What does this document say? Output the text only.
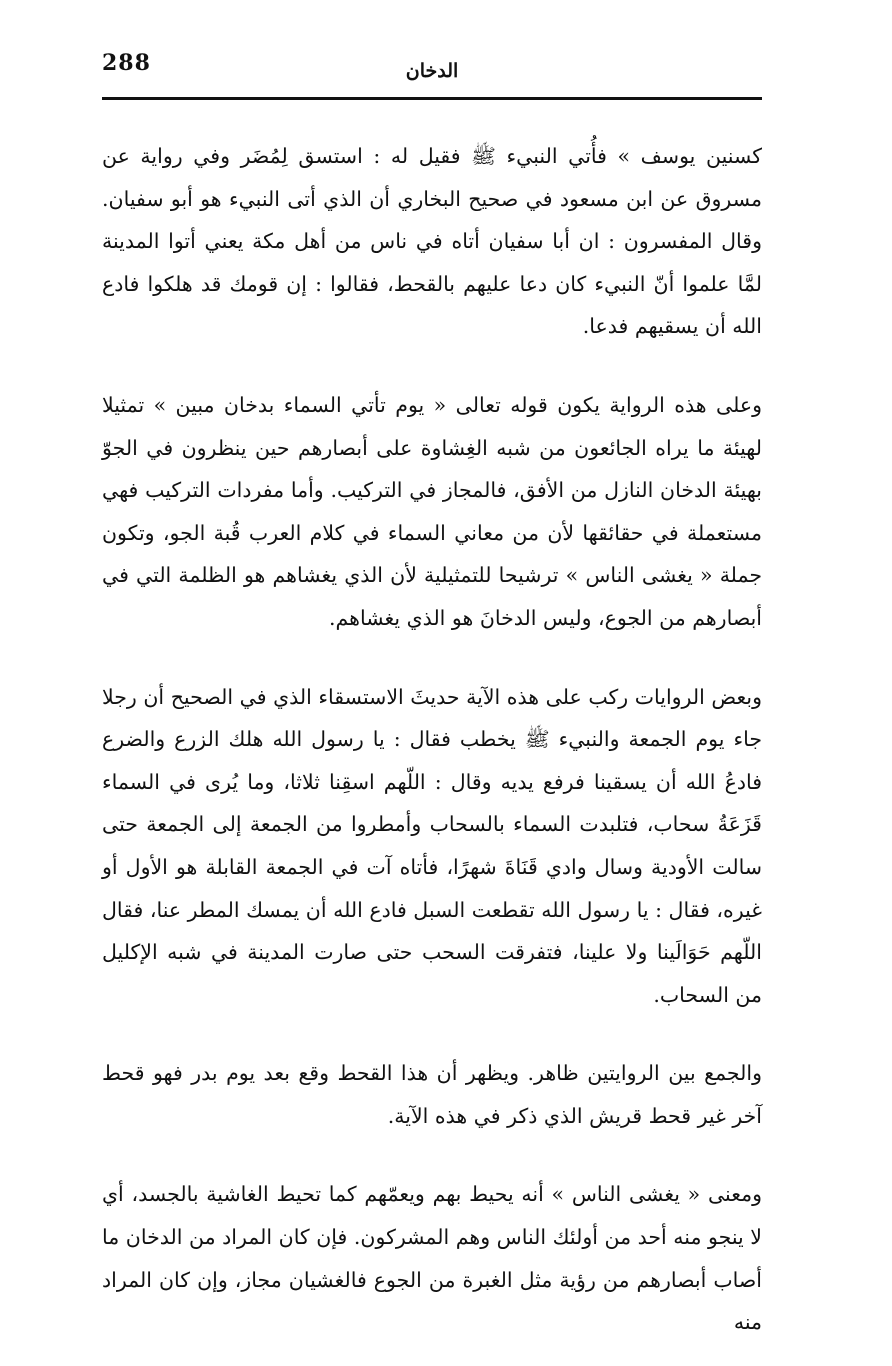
288	الدخان

كسنين يوسف » فأُتي النبيء ﷺ فقيل له : استسق لِمُضَر وفي رواية عن مسروق عن ابن مسعود في صحيح البخاري أن الذي أتى النبيء هو أبو سفيان. وقال المفسرون : ان أبا سفيان أتاه في ناس من أهل مكة يعني أتوا المدينة لمَّا علموا أنّ النبيء كان دعا عليهم بالقحط، فقالوا : إن قومك قد هلكوا فادع الله أن يسقيهم فدعا.

وعلى هذه الرواية يكون قوله تعالى « يوم تأتي السماء بدخان مبين » تمثيلا لهيئة ما يراه الجائعون من شبه الغِشاوة على أبصارهم حين ينظرون في الجوّ بهيئة الدخان النازل من الأفق، فالمجاز في التركيب. وأما مفردات التركيب فهي مستعملة في حقائقها لأن من معاني السماء في كلام العرب قُبة الجو، وتكون جملة « يغشى الناس » ترشيحا للتمثيلية لأن الذي يغشاهم هو الظلمة التي في أبصارهم من الجوع، وليس الدخانَ هو الذي يغشاهم.

وبعض الروايات ركب على هذه الآية حديثَ الاستسقاء الذي في الصحيح أن رجلا جاء يوم الجمعة والنبيء ﷺ يخطب فقال : يا رسول الله هلك الزرع والضرع فادعُ الله أن يسقينا فرفع يديه وقال : اللّهم اسقِنا ثلاثا، وما يُرى في السماء قَزَعَةُ سحاب، فتلبدت السماء بالسحاب وأمطروا من الجمعة إلى الجمعة حتى سالت الأودية وسال وادي قَنَاةَ شهرًا، فأتاه آت في الجمعة القابلة هو الأول أو غيره، فقال : يا رسول الله تقطعت السبل فادع الله أن يمسك المطر عنا، فقال اللّهم حَوَالَينا ولا علينا، فتفرقت السحب حتى صارت المدينة في شبه الإكليل من السحاب.

والجمع بين الروايتين ظاهر. ويظهر أن هذا القحط وقع بعد يوم بدر فهو قحط آخر غير قحط قريش الذي ذكر في هذه الآية.

ومعنى « يغشى الناس » أنه يحيط بهم ويعمّهم كما تحيط الغاشية بالجسد، أي لا ينجو منه أحد من أولئك الناس وهم المشركون. فإن كان المراد من الدخان ما أصاب أبصارهم من رؤية مثل الغبرة من الجوع فالغشيان مجاز، وإن كان المراد منه
